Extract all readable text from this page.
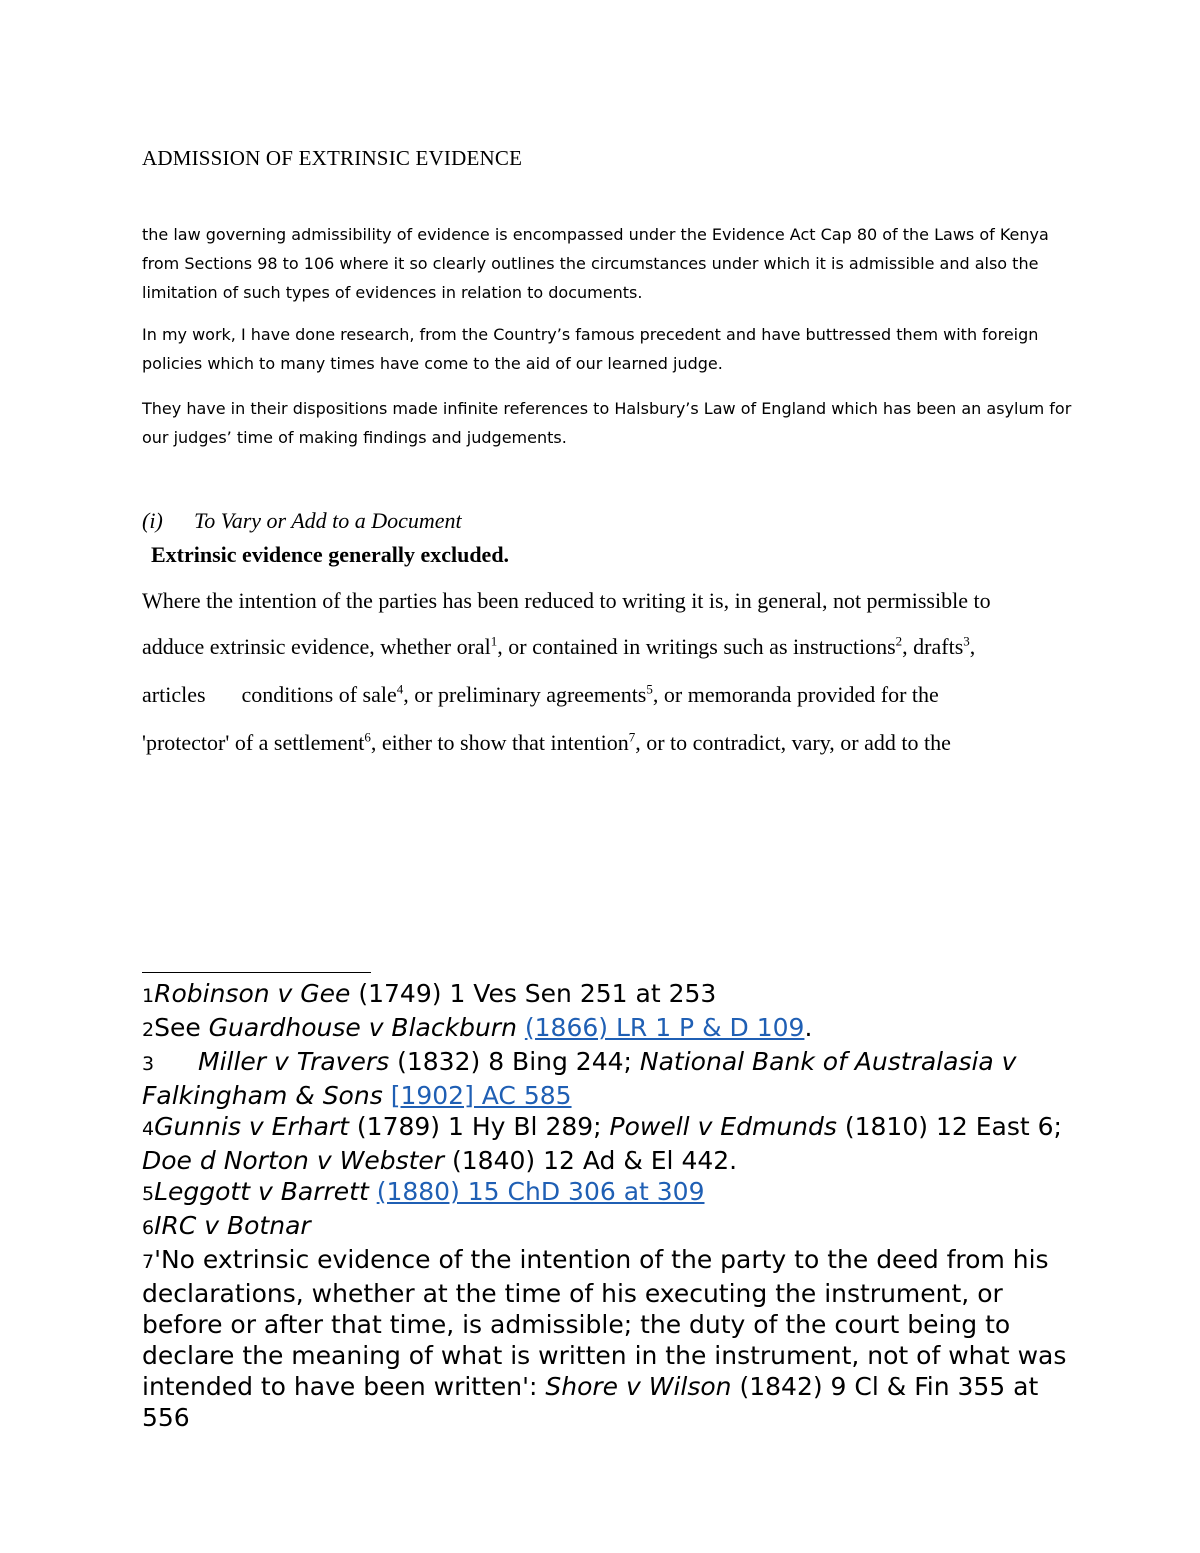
ADMISSION OF EXTRINSIC EVIDENCE

the law governing admissibility of evidence is encompassed under the Evidence Act Cap 80 of the Laws of Kenya from Sections 98 to 106 where it so clearly outlines the circumstances under which it is admissible and also the limitation of such types of evidences in relation to documents.

In my work, I have done research, from the Country’s famous precedent and have buttressed them with foreign policies which to many times have come to the aid of our learned judge.

They have in their dispositions made infinite references to Halsbury’s Law of England which has been an asylum for our judges’ time of making findings and judgements.

(i) To Vary or Add to a Document

Extrinsic evidence generally excluded.

Where the intention of the parties has been reduced to writing it is, in general, not permissible to

adduce extrinsic evidence, whether oral$^1$, or contained in writings such as instructions$^2$, drafts$^3$,

articles conditions of sale$^4$, or preliminary agreements$^5$, or memoranda provided for the

'protector' of a settlement$^6$, either to show that intention$^7$, or to contradict, vary, or add to the

1Robinson v Gee (1749) 1 Ves Sen 251 at 253

2See Guardhouse v Blackburn (1866) LR 1 P & D 109.

3 Miller v Travers (1832) 8 Bing 244; National Bank of Australasia v Falkingham & Sons [1902] AC 585

4Gunnis v Erhart (1789) 1 Hy Bl 289; Powell v Edmunds (1810) 12 East 6; Doe d Norton v Webster (1840) 12 Ad & El 442.

5Leggott v Barrett (1880) 15 ChD 306 at 309

6IRC v Botnar

7'No extrinsic evidence of the intention of the party to the deed from his declarations, whether at the time of his executing the instrument, or before or after that time, is admissible; the duty of the court being to declare the meaning of what is written in the instrument, not of what was intended to have been written': Shore v Wilson (1842) 9 Cl & Fin 355 at 556
